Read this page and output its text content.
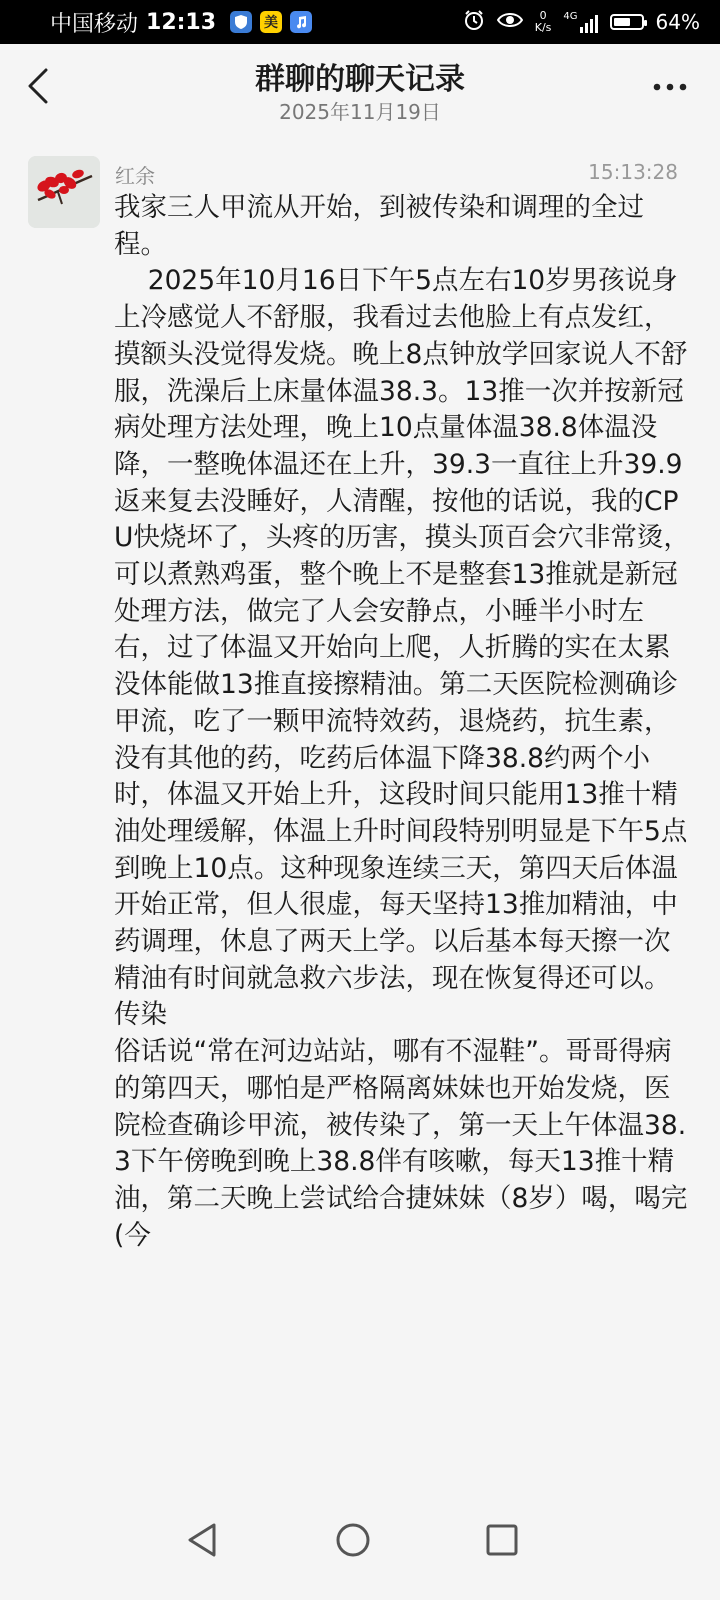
中国移动 12:13	美	0
K/s
4G	64%
群聊的聊天记录
2025年11月19日
红余	15:13:28

我家三人甲流从开始，到被传染和调理的全过程。

2025年10月16日下午5点左右10岁男孩说身上冷感觉人不舒服，我看过去他脸上有点发红，摸额头没觉得发烧。晚上8点钟放学回家说人不舒服，洗澡后上床量体温38.3。13推一次并按新冠病处理方法处理，晚上10点量体温38.8体温没降，一整晚体温还在上升，39.3一直往上升39.9返来复去没睡好，人清醒，按他的话说，我的CPU快烧坏了，头疼的历害，摸头顶百会穴非常烫，可以煮熟鸡蛋，整个晚上不是整套13推就是新冠处理方法，做完了人会安静点，小睡半小时左右，过了体温又开始向上爬，人折腾的实在太累没体能做13推直接擦精油。第二天医院检测确诊甲流，吃了一颗甲流特效药，退烧药，抗生素，没有其他的药，吃药后体温下降38.8约两个小时，体温又开始上升，这段时间只能用13推十精油处理缓解，体温上升时间段特别明显是下午5点到晚上10点。这种现象连续三天，第四天后体温开始正常，但人很虚，每天坚持13推加精油，中药调理，休息了两天上学。以后基本每天擦一次精油有时间就急救六步法，现在恢复得还可以。

传染

俗话说“常在河边站站，哪有不湿鞋”。哥哥得病的第四天，哪怕是严格隔离妹妹也开始发烧，医院检查确诊甲流，被传染了，第一天上午体温38.3下午傍晚到晚上38.8伴有咳嗽，每天13推十精油，第二天晚上尝试给合捷妹妹（8岁）喝，喝完(今
